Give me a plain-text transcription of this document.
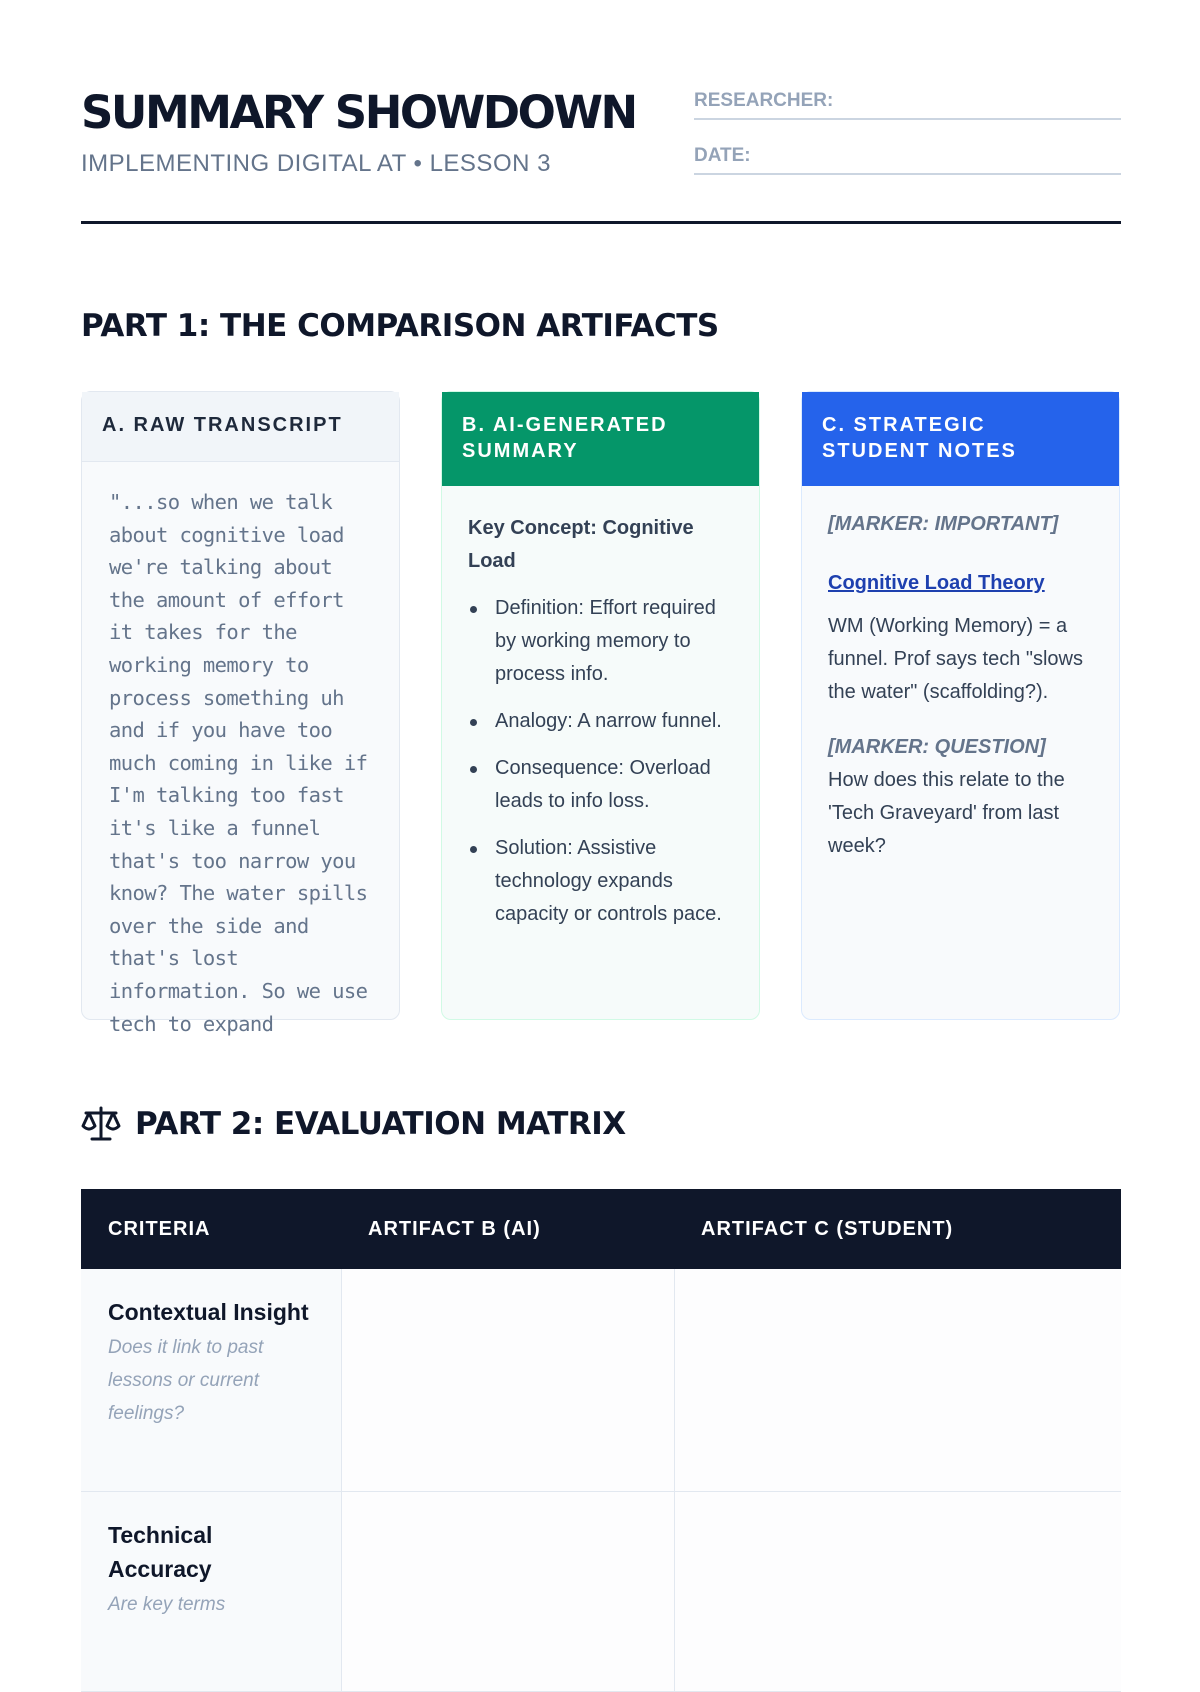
SUMMARY SHOWDOWN
IMPLEMENTING DIGITAL AT • LESSON 3
RESEARCHER:
DATE:
PART 1: THE COMPARISON ARTIFACTS
A. RAW TRANSCRIPT
"...so when we talk about cognitive load we're talking about the amount of effort it takes for the working memory to process something uh and if you have too much coming in like if I'm talking too fast it's like a funnel that's too narrow you know? The water spills over the side and that's lost information. So we use tech to expand
B. AI-GENERATED SUMMARY
Key Concept: Cognitive Load
Definition: Effort required by working memory to process info.
Analogy: A narrow funnel.
Consequence: Overload leads to info loss.
Solution: Assistive technology expands capacity or controls pace.
C. STRATEGIC STUDENT NOTES
[MARKER: IMPORTANT]
Cognitive Load Theory
WM (Working Memory) = a funnel. Prof says tech "slows the water" (scaffolding?).
[MARKER: QUESTION]
How does this relate to the 'Tech Graveyard' from last week?
PART 2: EVALUATION MATRIX
CRITERIA	ARTIFACT B (AI)	ARTIFACT C (STUDENT)

Contextual Insight
Does it link to past lessons or current feelings?		

Technical Accuracy
Are key terms		
